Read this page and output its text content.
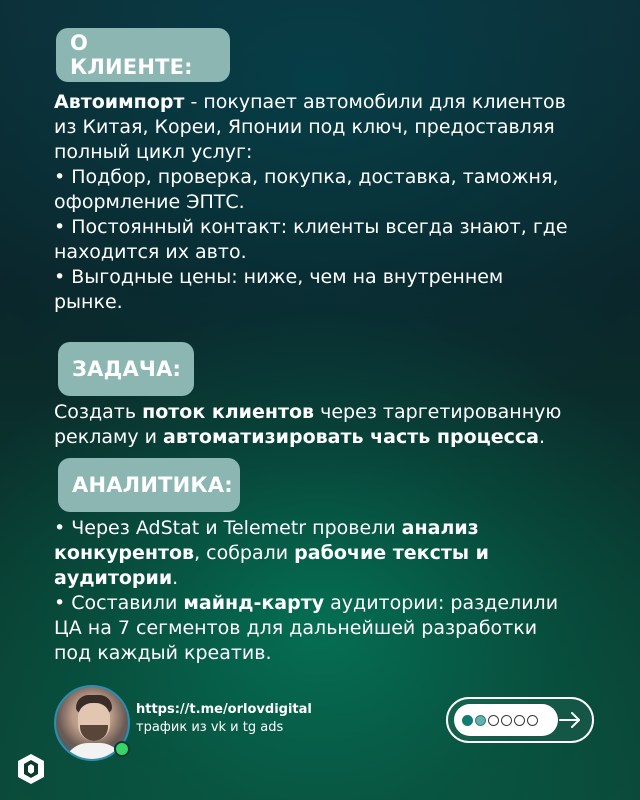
О КЛИЕНТЕ:
Автоимпорт - покупает автомобили для клиентов
из Китая, Кореи, Японии под ключ, предоставляя
полный цикл услуг:
• Подбор, проверка, покупка, доставка, таможня,
оформление ЭПТС.
• Постоянный контакт: клиенты всегда знают, где
находится их авто.
• Выгодные цены: ниже, чем на внутреннем
рынке.
ЗАДАЧА:
Создать поток клиентов через таргетированную
рекламу и автоматизировать часть процесса.
АНАЛИТИКА:
• Через AdStat и Telemetr провели анализ
конкурентов, собрали рабочие тексты и
аудитории.
• Составили майнд-карту аудитории: разделили
ЦА на 7 сегментов для дальнейшей разработки
под каждый креатив.
https://t.me/orlovdigital
трафик из vk и tg ads
